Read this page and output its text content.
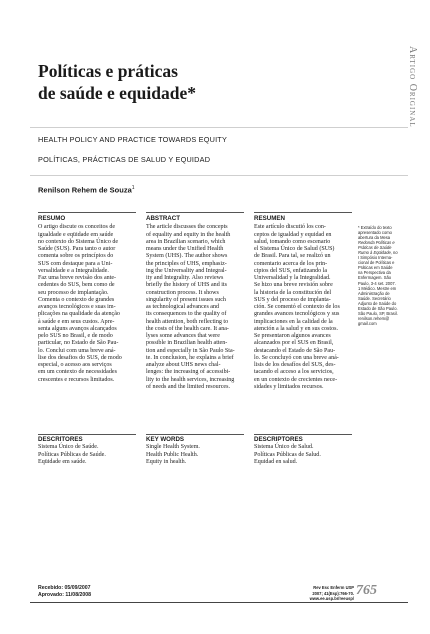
Políticas e práticas
de saúde e equidade*	Artigo Original
HEALTH POLICY AND PRACTICE TOWARDS EQUITY
POLÍTICAS, PRÁCTICAS DE SALUD Y EQUIDAD
Renilson Rehem de Souza$^1$
RESUMO
O artigo discute os conceitos de
igualdade e eqüidade em saúde
no contexto do Sistema Único de
Saúde (SUS). Para tanto o autor
comenta sobre os princípios do
SUS com destaque para a Uni-
versalidade e a Integralidade.
Faz uma breve revisão dos ante-
cedentes do SUS, bem como de
seu processo de implantação.
Comenta o contexto de grandes
avanços tecnológicos e suas im-
plicações na qualidade da atenção
à saúde e em seus custos. Apre-
senta alguns avanços alcançados
pelo SUS no Brasil, e de modo
particular, no Estado de São Pau-
lo. Conclui com uma breve aná-
lise dos desafios do SUS, de modo
especial, o acesso aos serviços
em um contexto de necessidades
crescentes e recursos limitados.
ABSTRACT
The article discusses the concepts
of equality and equity in the health
area in Brazilian scenario, which
means under the Unified Health
System (UHS). The author shows
the principles of UHS, emphasiz-
ing the Universality and Integral-
ity and Integrality. Also reviews
briefly the history of UHS and its
construction process. It shows
singularity of present issues such
as technological advances and
its consequences to the quality of
health attention, both reflecting to
the costs of the health care. It ana-
lyses some advances that were
possible in Brazilian health atten-
tion and especially in São Paulo Sta-
te. In conclusion, he explains a brief
analyze about UHS news chal-
lenges: the increasing of accessibi-
lity to the health services, increasing
of needs and the limited resources.
RESUMEN
Este artículo discutió los con-
ceptos de igualdad y equidad en
salud, tomando como escenario
el Sistema Único de Salud (SUS)
de Brasil. Para tal, se realizó un
comentario acerca de los prin-
cipios del SUS, enfatizando la
Universalidad y la Integralidad.
Se hizo una breve revisión sobre
la historia de la constitución del
SUS y del proceso de implanta-
ción. Se comentó el contexto de los
grandes avances tecnológicos y sus
implicaciones en la calidad de la
atención a la salud y en sus costos.
Se presentaron algunos avances
alcanzados por el SUS en Brasil,
destacando el Estado de São Pau-
lo. Se concluyó con una breve aná-
lisis de los desafíos del SUS, des-
tacando el acceso a los servicios,
en un contexto de crecientes nece-
sidades y limitados recursos.
DESCRITORES
Sistema Único de Saúde.
Políticas Públicas de Saúde.
Eqüidade em saúde.
KEY WORDS
Single Health System.
Health Public Health.
Equity in health.
DESCRIPTORES
Sistema Único de Salud.
Políticas Públicas de Salud.
Equidad en salud.
* Extraído do texto
apresentado como
abertura da Mesa
Redonda Políticas e
Práticas de Saúde
Rumo à Eqüidade, no
I Simpósio Interna-
cional de Políticas e
Práticas em Saúde
na Perspectiva da
Enfermagem. São
Paulo, 3-4 set. 2007.
1 Médico. Mestre em
Administração de
Saúde. Secretário
Adjunto de Saúde do
Estado de São Paulo.
São Paulo, SP, Brasil.
renilson.rehem@
gmail.com
Recebido: 05/09/2007
Aprovado: 11/08/2008
Rev Esc Enferm USP
2007; 41(Esp):766-70.
www.ee.usp.br/reeusp/
765
